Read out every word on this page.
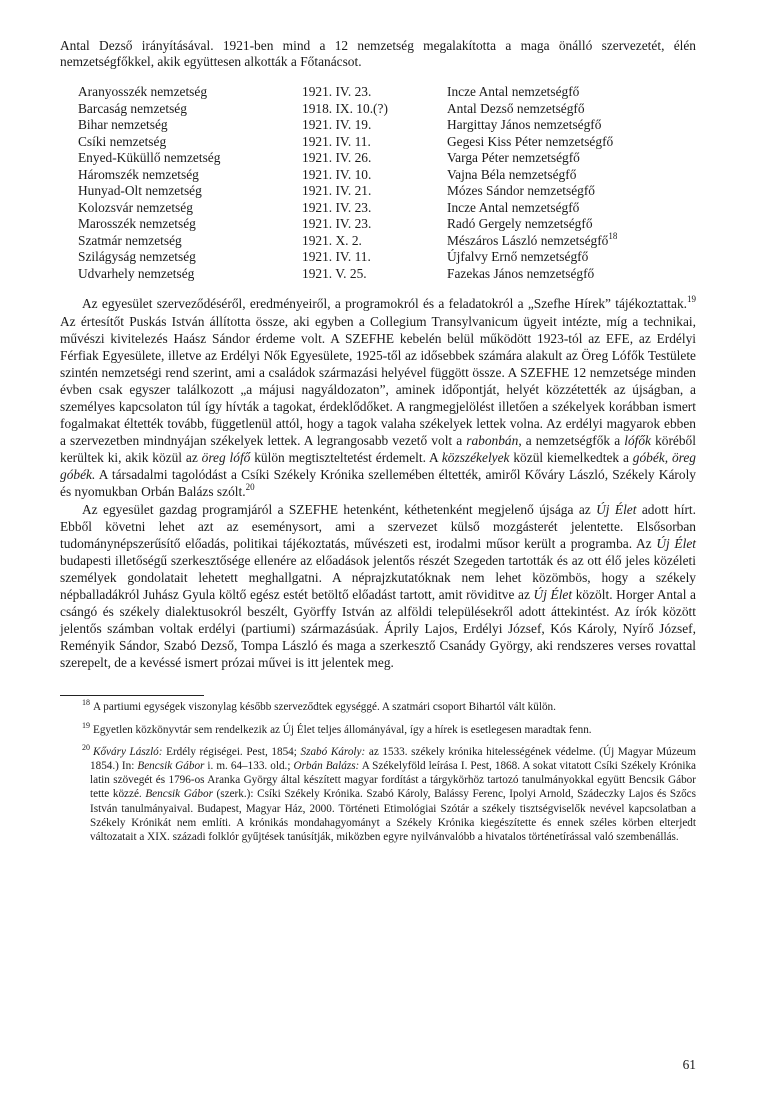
Antal Dezső irányításával. 1921-ben mind a 12 nemzetség megalakította a maga önálló szervezetét, élén nemzetségfőkkel, akik együttesen alkották a Főtanácsot.

Aranyosszék nemzetség	1921. IV. 23.	Incze Antal nemzetségfő
Barcaság nemzetség	1918. IX. 10.(?)	Antal Dezső nemzetségfő
Bihar nemzetség	1921. IV. 19.	Hargittay János nemzetségfő
Csíki nemzetség	1921. IV. 11.	Gegesi Kiss Péter nemzetségfő
Enyed-Küküllő nemzetség	1921. IV. 26.	Varga Péter nemzetségfő
Háromszék nemzetség	1921. IV. 10.	Vajna Béla nemzetségfő
Hunyad-Olt nemzetség	1921. IV. 21.	Mózes Sándor nemzetségfő
Kolozsvár nemzetség	1921. IV. 23.	Incze Antal nemzetségfő
Marosszék nemzetség	1921. IV. 23.	Radó Gergely nemzetségfő
Szatmár nemzetség	1921. X. 2.	Mészáros László nemzetségfő$^{18}$
Szilágyság nemzetség	1921. IV. 11.	Újfalvy Ernő nemzetségfő
Udvarhely nemzetség	1921. V. 25.	Fazekas János nemzetségfő

Az egyesület szerveződéséről, eredményeiről, a programokról és a feladatokról a „Szefhe Hírek” tájékoztattak.$^{19}$ Az értesítőt Puskás István állította össze, aki egyben a Collegium Transylvanicum ügyeit intézte, míg a technikai, művészi kivitelezés Haász Sándor érdeme volt. A SZEFHE kebelén belül működött 1923-tól az EFE, az Erdélyi Férfiak Egyesülete, illetve az Erdélyi Nők Egyesülete, 1925-től az idősebbek számára alakult az Öreg Lófők Testülete szintén nemzetségi rend szerint, ami a családok származási helyével függött össze. A SZEFHE 12 nemzetsége minden évben csak egyszer találkozott „a májusi nagyáldozaton”, aminek időpontját, helyét közzétették az újságban, a személyes kapcsolaton túl így hívták a tagokat, érdeklődőket. A rangmegjelölést illetően a székelyek korábban ismert fogalmakat éltették tovább, függetlenül attól, hogy a tagok valaha székelyek lettek volna. Az erdélyi magyarok ebben a szervezetben mindnyájan székelyek lettek. A legrangosabb vezető volt a rabonbán, a nemzetségfők a lófők köréből kerültek ki, akik közül az öreg lófő külön megtiszteltetést érdemelt. A közszékelyek közül kiemelkedtek a góbék, öreg góbék. A társadalmi tagolódást a Csíki Székely Krónika szellemében éltették, amiről Kőváry László, Székely Károly és nyomukban Orbán Balázs szólt.$^{20}$

Az egyesület gazdag programjáról a SZEFHE hetenként, kéthetenként megjelenő újsága az Új Élet adott hírt. Ebből követni lehet azt az eseménysort, ami a szervezet külső mozgásterét jelentette. Elsősorban tudománynépszerűsítő előadás, politikai tájékoztatás, művészeti est, irodalmi műsor került a programba. Az Új Élet budapesti illetőségű szerkesztősége ellenére az előadások jelentős részét Szegeden tartották és az ott élő jeles közéleti személyek gondolatait lehetett meghallgatni. A néprajzkutatóknak nem lehet közömbös, hogy a székely népballadákról Juhász Gyula költő egész estét betöltő előadást tartott, amit röviditve az Új Élet közölt. Horger Antal a csángó és székely dialektusokról beszélt, Györffy István az alföldi településekről adott áttekintést. Az írók között jelentős számban voltak erdélyi (partiumi) származásúak. Áprily Lajos, Erdélyi József, Kós Károly, Nyírő József, Reményik Sándor, Szabó Dezső, Tompa László és maga a szerkesztő Csanády György, aki rendszeres verses rovattal szerepelt, de a kevéssé ismert prózai művei is itt jelentek meg.

$^{18}$ A partiumi egységek viszonylag később szerveződtek egységgé. A szatmári csoport Bihartól vált külön.

$^{19}$ Egyetlen közkönyvtár sem rendelkezik az Új Élet teljes állományával, így a hírek is esetlegesen maradtak fenn.

$^{20}$ Kőváry László: Erdély régiségei. Pest, 1854; Szabó Károly: az 1533. székely krónika hitelességének védelme. (Új Magyar Múzeum 1854.) In: Bencsik Gábor i. m. 64–133. old.; Orbán Balázs: A Székelyföld leírása I. Pest, 1868. A sokat vitatott Csíki Székely Krónika latin szövegét és 1796-os Aranka György által készített magyar fordítást a tárgykörhöz tartozó tanulmányokkal együtt Bencsik Gábor tette közzé. Bencsik Gábor (szerk.): Csíki Székely Krónika. Szabó Károly, Balássy Ferenc, Ipolyi Arnold, Szádeczky Lajos és Szőcs István tanulmányaival. Budapest, Magyar Ház, 2000. Történeti Etimológiai Szótár a székely tisztségviselők nevével kapcsolatban a Székely Krónikát nem említi. A krónikás mondahagyományt a Székely Krónika kiegészítette és ennek széles körben elterjedt változatait a XIX. századi folklór gyűjtések tanúsítják, miközben egyre nyilvánvalóbb a hivatalos történetírással való szembenállás.

61
